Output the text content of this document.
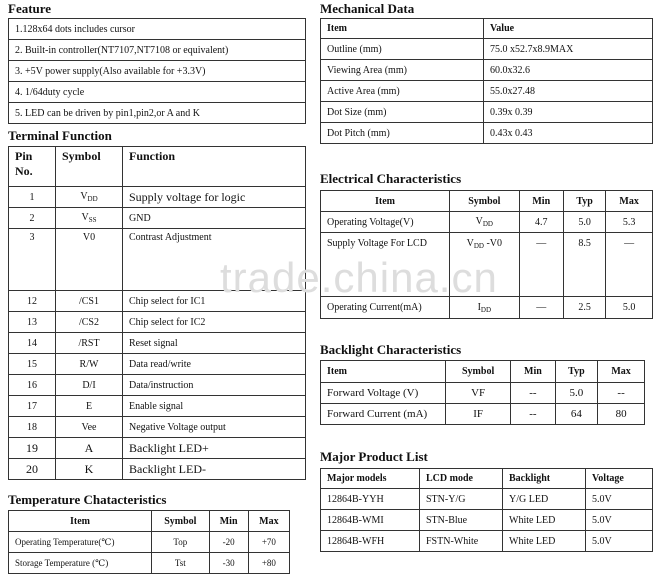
Feature
1.128x64 dots includes cursor
2. Built-in controller(NT7107,NT7108 or equivalent)
3. +5V power supply(Also available for +3.3V)
4. 1/64duty cycle
5. LED can be driven by pin1,pin2,or A and K
Terminal Function
Pin No.	Symbol	Function
1	$V_{DD}$	Supply voltage for logic
2	$V_{SS}$	GND
3	V0	Contrast Adjustment
12	/CS1	Chip select for IC1
13	/CS2	Chip select for IC2
14	/RST	Reset signal
15	R/W	Data read/write
16	D/I	Data/instruction
17	E	Enable signal
18	Vee	Negative Voltage output
19	A	Backlight LED+
20	K	Backlight LED-
Temperature Chatacteristics
Item	Symbol	Min	Max
Operating Temperature(℃)	Top	-20	+70
Storage Temperature (℃)	Tst	-30	+80
Mechanical Data
Item	Value
Outline (mm)	75.0 x52.7x8.9MAX
Viewing Area (mm)	60.0x32.6
Active Area (mm)	55.0x27.48
Dot Size (mm)	0.39x 0.39
Dot Pitch (mm)	0.43x 0.43
Electrical Characteristics
Item	Symbol	Min	Typ	Max
Operating Voltage(V)	$V_{DD}$	4.7	5.0	5.3
Supply Voltage For LCD	$V_{DD}$ -V0	—	8.5	—
Operating Current(mA)	$I_{DD}$	—	2.5	5.0
Backlight Characteristics
Item	Symbol	Min	Typ	Max
Forward Voltage (V)	VF	--	5.0	--
Forward Current (mA)	IF	--	64	80
Major Product List
Major models	LCD mode	Backlight	Voltage
12864B-YYH	STN-Y/G	Y/G LED	5.0V
12864B-WMI	STN-Blue	White LED	5.0V
12864B-WFH	FSTN-White	White LED	5.0V
trade.china.cn
